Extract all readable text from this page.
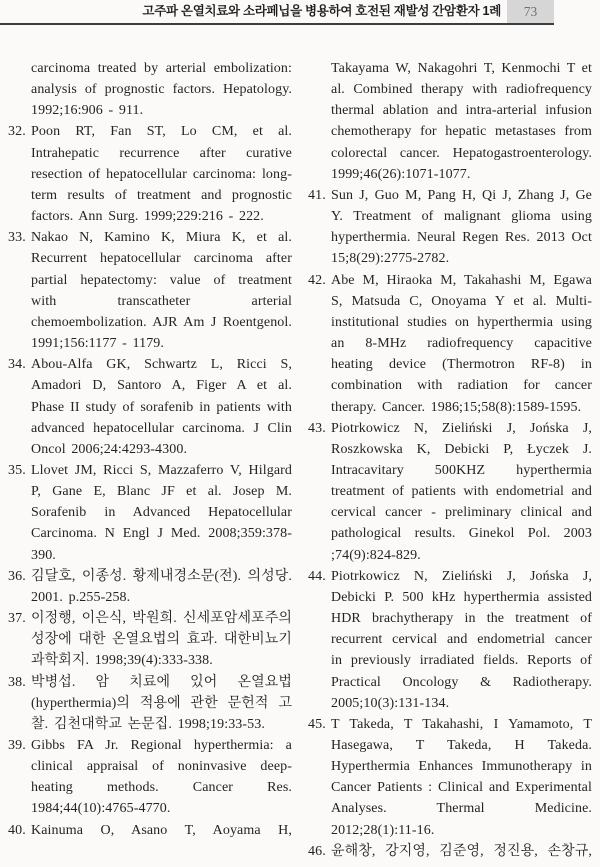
고주파 온열치료와 소라페닙을 병용하여 호전된 재발성 간암환자 1례 73
carcinoma treated by arterial embolization: analysis of prognostic factors. Hepatology. 1992;16:906 - 911.
32. Poon RT, Fan ST, Lo CM, et al. Intrahepatic recurrence after curative resection of hepatocellular carcinoma: long-term results of treatment and prognostic factors. Ann Surg. 1999;229:216 - 222.
33. Nakao N, Kamino K, Miura K, et al. Recurrent hepatocellular carcinoma after partial hepatectomy: value of treatment with transcatheter arterial chemoembolization. AJR Am J Roentgenol. 1991;156:1177 - 1179.
34. Abou-Alfa GK, Schwartz L, Ricci S, Amadori D, Santoro A, Figer A et al. Phase II study of sorafenib in patients with advanced hepatocellular carcinoma. J Clin Oncol 2006;24:4293-4300.
35. Llovet JM, Ricci S, Mazzaferro V, Hilgard P, Gane E, Blanc JF et al. Josep M. Sorafenib in Advanced Hepatocellular Carcinoma. N Engl J Med. 2008;359:378-390.
36. 김달호, 이종성. 황제내경소문(전). 의성당. 2001. p.255-258.
37. 이정행, 이은식, 박원희. 신세포암세포주의 성장에 대한 온열요법의 효과. 대한비뇨기과학회지. 1998;39(4):333-338.
38. 박병섭. 암 치료에 있어 온열요법(hyperthermia)의 적용에 관한 문헌적 고찰. 김천대학교 논문집. 1998;19:33-53.
39. Gibbs FA Jr. Regional hyperthermia: a clinical appraisal of noninvasive deep-heating methods. Cancer Res. 1984;44(10):4765-4770.
40. Kainuma O, Asano T, Aoyama H,
Takayama W, Nakagohri T, Kenmochi T et al. Combined therapy with radiofrequency thermal ablation and intra-arterial infusion chemotherapy for hepatic metastases from colorectal cancer. Hepatogastroenterology. 1999;46(26):1071-1077.
41. Sun J, Guo M, Pang H, Qi J, Zhang J, Ge Y. Treatment of malignant glioma using hyperthermia. Neural Regen Res. 2013 Oct 15;8(29):2775-2782.
42. Abe M, Hiraoka M, Takahashi M, Egawa S, Matsuda C, Onoyama Y et al. Multi-institutional studies on hyperthermia using an 8-MHz radiofrequency capacitive heating device (Thermotron RF-8) in combination with radiation for cancer therapy. Cancer. 1986;15;58(8):1589-1595.
43. Piotrkowicz N, Zieliński J, Jońska J, Roszkowska K, Debicki P, Łyczek J. Intracavitary 500KHZ hyperthermia treatment of patients with endometrial and cervical cancer - preliminary clinical and pathological results. Ginekol Pol. 2003 ;74(9):824-829.
44. Piotrkowicz N, Zieliński J, Jońska J, Debicki P. 500 kHz hyperthermia assisted HDR brachytherapy in the treatment of recurrent cervical and endometrial cancer in previously irradiated fields. Reports of Practical Oncology & Radiotherapy. 2005;10(3):131-134.
45. T Takeda, T Takahashi, I Yamamoto, T Hasegawa, T Takeda, H Takeda. Hyperthermia Enhances Immunotherapy in Cancer Patients : Clinical and Experimental Analyses. Thermal Medicine. 2012;28(1):11-16.
46. 윤해창, 강지영, 김준영, 정진용, 손창규,
